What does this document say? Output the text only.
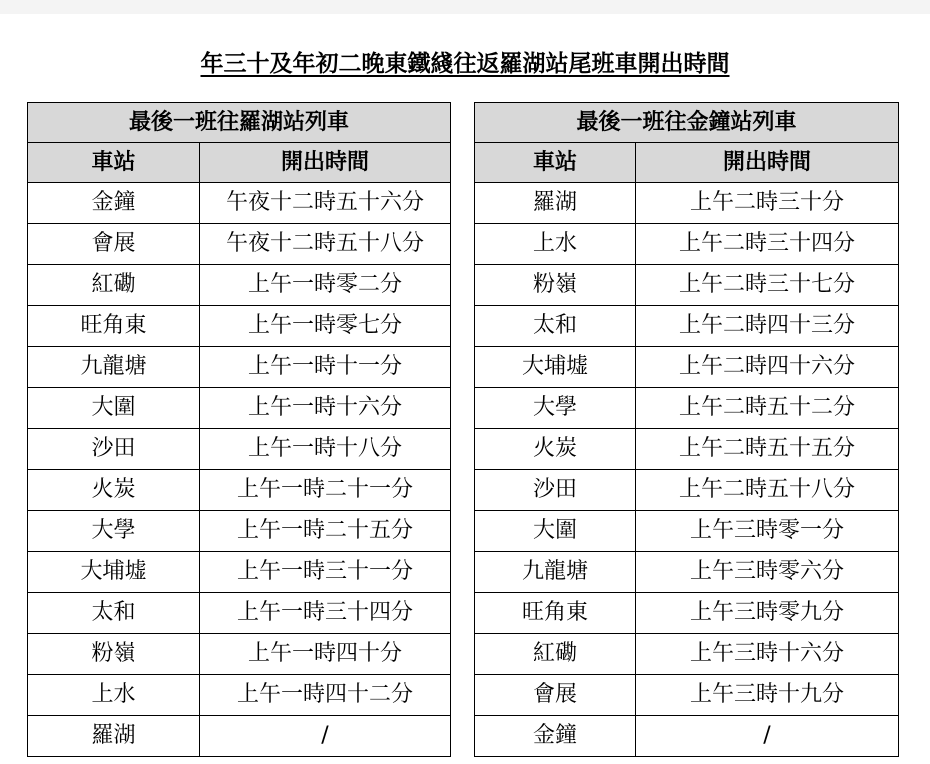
年三十及年初二晚東鐵綫往返羅湖站尾班車開出時間
最後一班往羅湖站列車	
車站	開出時間
金鐘	午夜十二時五十六分
會展	午夜十二時五十八分
紅磡	上午一時零二分
旺角東	上午一時零七分
九龍塘	上午一時十一分
大圍	上午一時十六分
沙田	上午一時十八分
火炭	上午一時二十一分
大學	上午一時二十五分
大埔墟	上午一時三十一分
太和	上午一時三十四分
粉嶺	上午一時四十分
上水	上午一時四十二分
羅湖	/
最後一班往金鐘站列車	
車站	開出時間
羅湖	上午二時三十分
上水	上午二時三十四分
粉嶺	上午二時三十七分
太和	上午二時四十三分
大埔墟	上午二時四十六分
大學	上午二時五十二分
火炭	上午二時五十五分
沙田	上午二時五十八分
大圍	上午三時零一分
九龍塘	上午三時零六分
旺角東	上午三時零九分
紅磡	上午三時十六分
會展	上午三時十九分
金鐘	/
